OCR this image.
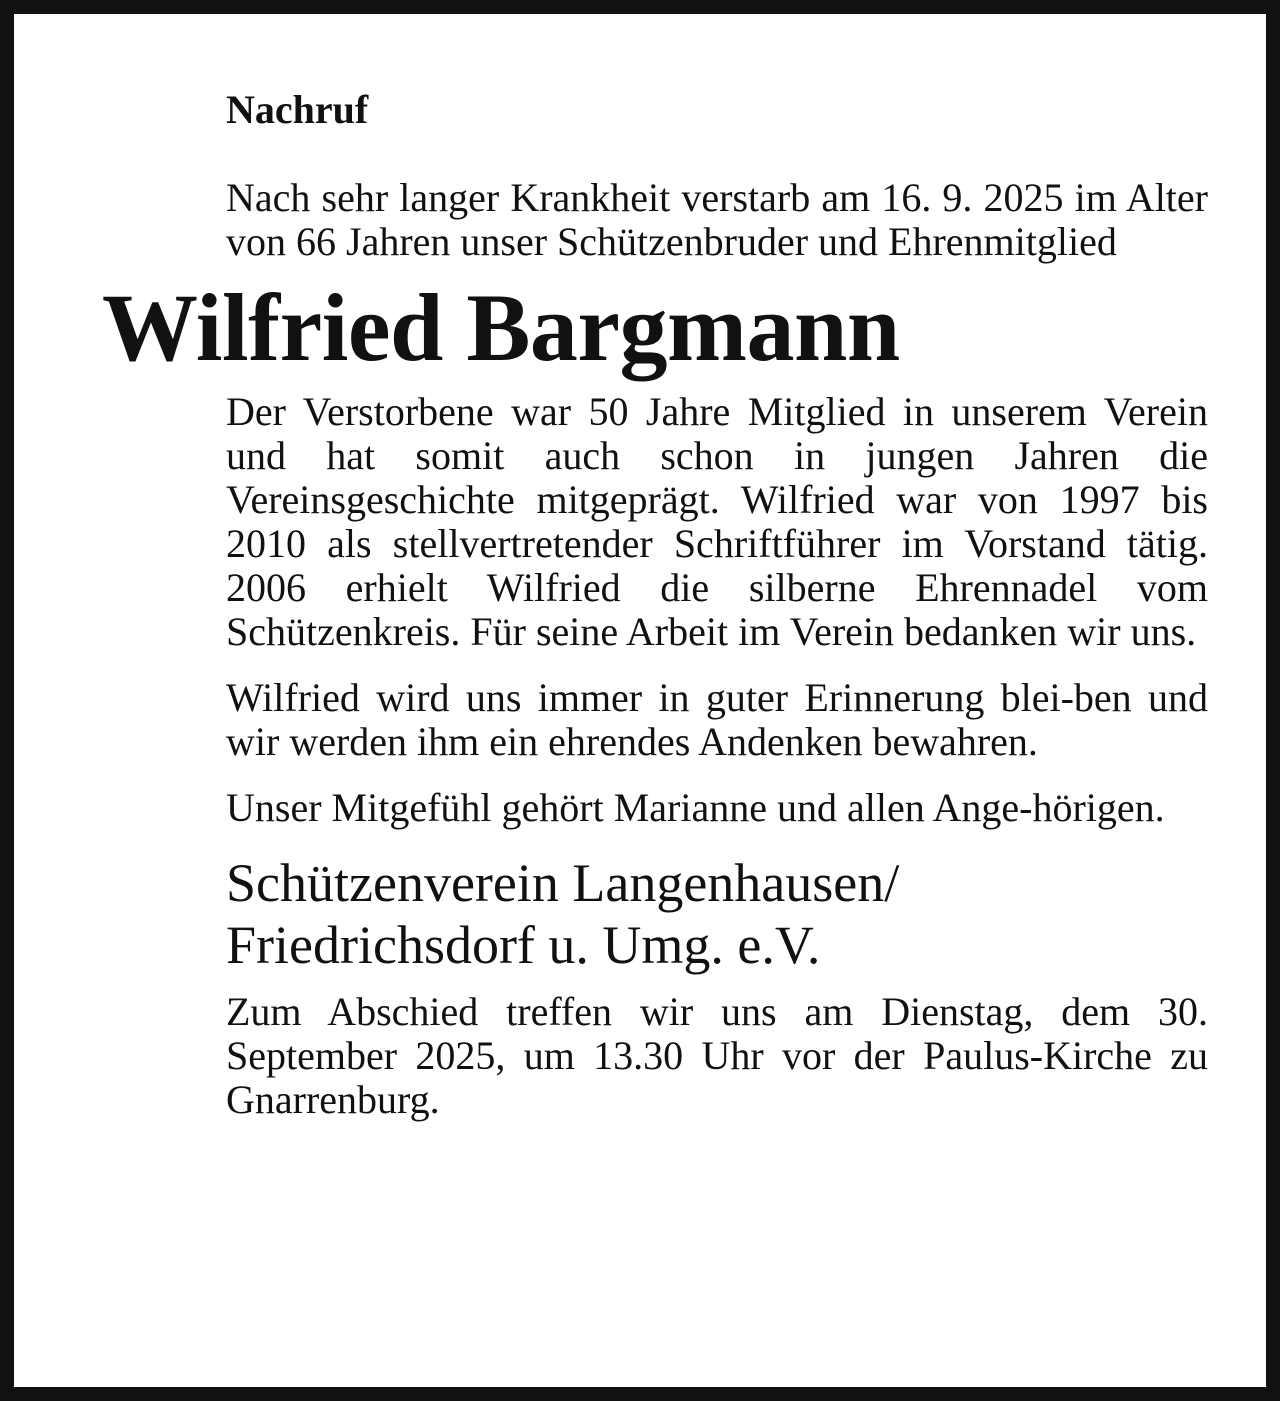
Nachruf

Nach sehr langer Krankheit verstarb am 16. 9. 2025 im Alter von 66 Jahren unser Schützenbruder und Ehrenmitglied

Wilfried Bargmann

Der Verstorbene war 50 Jahre Mitglied in unserem Verein und hat somit auch schon in jungen Jahren die Vereinsgeschichte mitgeprägt. Wilfried war von 1997 bis 2010 als stellvertretender Schriftführer im Vorstand tätig. 2006 erhielt Wilfried die silberne Ehrennadel vom Schützenkreis. Für seine Arbeit im Verein bedanken wir uns.

Wilfried wird uns immer in guter Erinnerung blei-ben und wir werden ihm ein ehrendes Andenken bewahren.

Unser Mitgefühl gehört Marianne und allen Ange-hörigen.

Schützenverein Langenhausen/
Friedrichsdorf u. Umg. e.V.

Zum Abschied treffen wir uns am Dienstag, dem 30. September 2025, um 13.30 Uhr vor der Paulus-Kirche zu Gnarrenburg.
